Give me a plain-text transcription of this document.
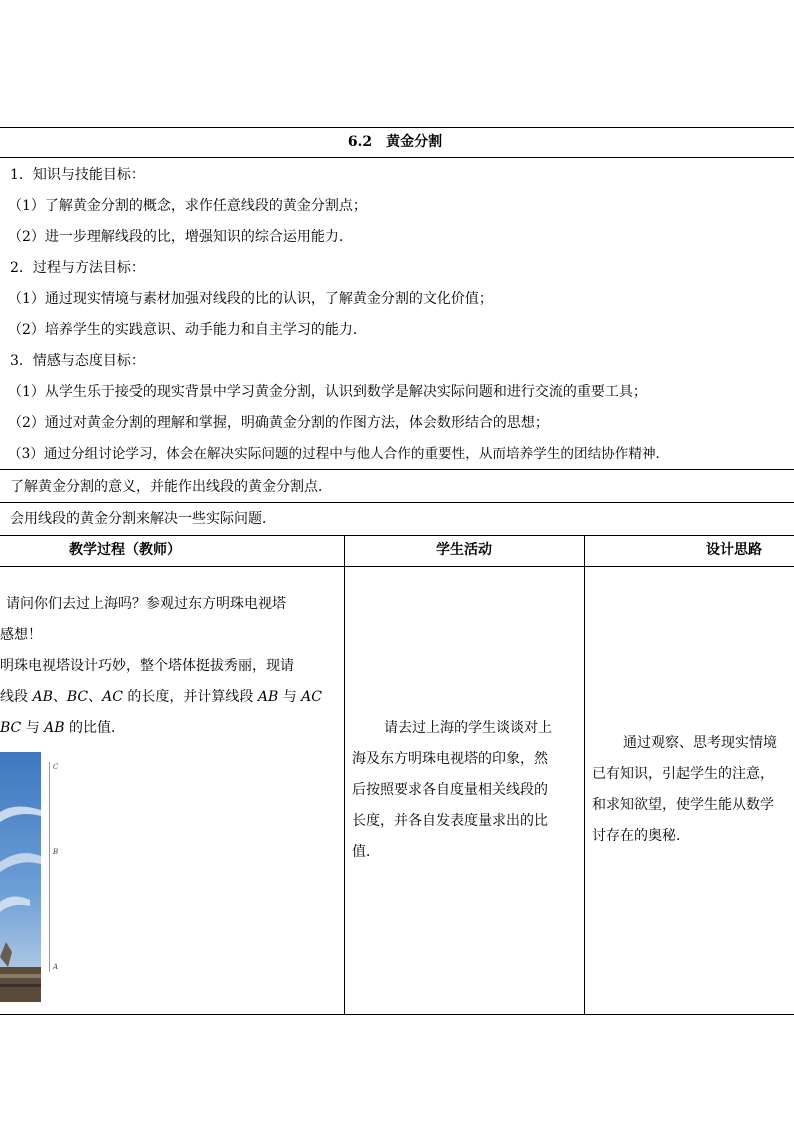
6.2　黄金分割
1．知识与技能目标：
（1）了解黄金分割的概念，求作任意线段的黄金分割点；
（2）进一步理解线段的比，增强知识的综合运用能力．
2．过程与方法目标：
（1）通过现实情境与素材加强对线段的比的认识，了解黄金分割的文化价值；
（2）培养学生的实践意识、动手能力和自主学习的能力．
3．情感与态度目标：
（1）从学生乐于接受的现实背景中学习黄金分割，认识到数学是解决实际问题和进行交流的重要工具；
（2）通过对黄金分割的理解和掌握，明确黄金分割的作图方法，体会数形结合的思想；
（3）通过分组讨论学习，体会在解决实际问题的过程中与他人合作的重要性，从而培养学生的团结协作精神．
了解黄金分割的意义，并能作出线段的黄金分割点．
会用线段的黄金分割来解决一些实际问题．
教学过程（教师）	学生活动	设计思路
请问你们去过上海吗？参观过东方明珠电视塔
感想！
明珠电视塔设计巧妙，整个塔体挺拔秀丽，现请
线段 AB、BC、AC 的长度，并计算线段 AB 与 AC
BC 与 AB 的比值．
C
B
A
请去过上海的学生谈谈对上
海及东方明珠电视塔的印象，然
后按照要求各自度量相关线段的
长度，并各自发表度量求出的比
值．
通过观察、思考现实情境
已有知识，引起学生的注意，
和求知欲望，使学生能从数学
讨存在的奥秘．
